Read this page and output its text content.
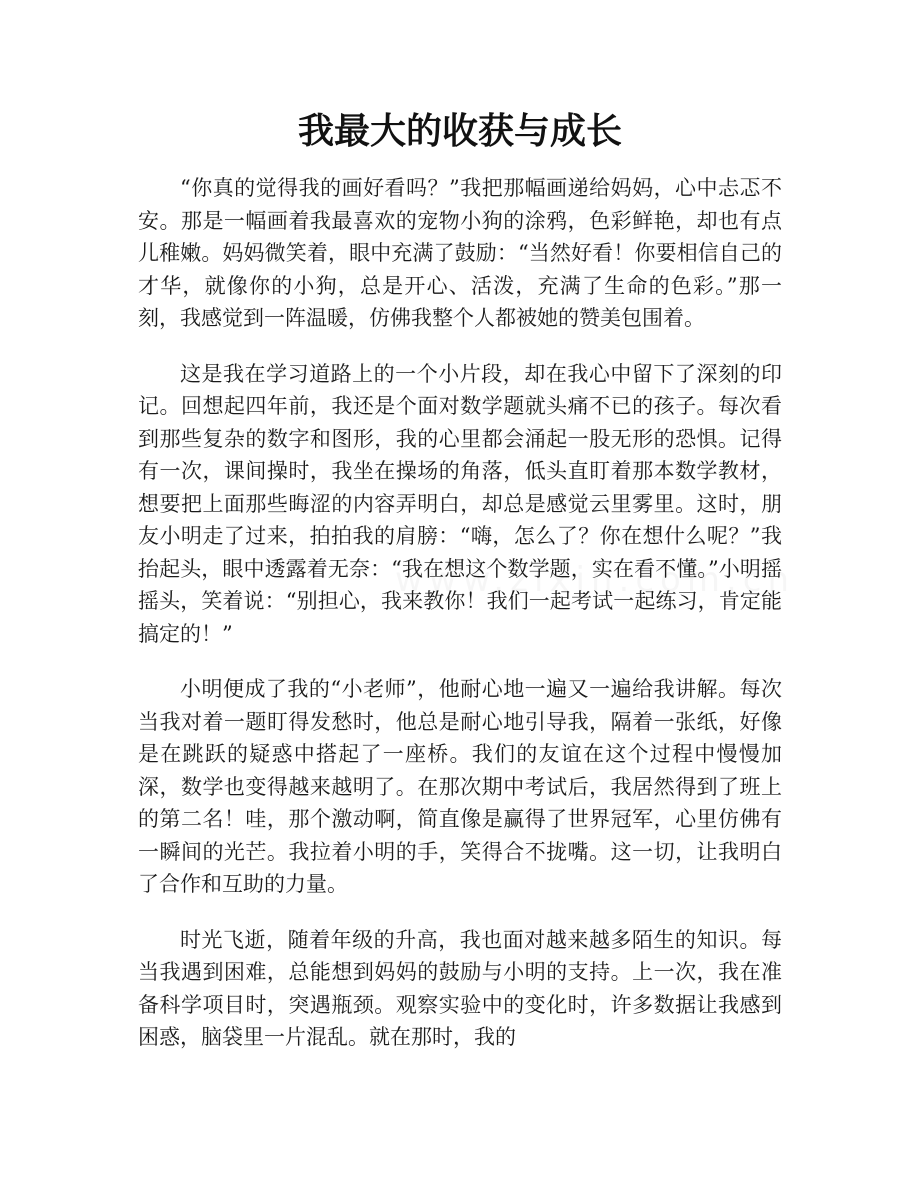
我最大的收获与成长

“你真的觉得我的画好看吗？”我把那幅画递给妈妈，心中忐忑不安。那是一幅画着我最喜欢的宠物小狗的涂鸦，色彩鲜艳，却也有点儿稚嫩。妈妈微笑着，眼中充满了鼓励：“当然好看！你要相信自己的才华，就像你的小狗，总是开心、活泼，充满了生命的色彩。”那一刻，我感觉到一阵温暖，仿佛我整个人都被她的赞美包围着。

这是我在学习道路上的一个小片段，却在我心中留下了深刻的印记。回想起四年前，我还是个面对数学题就头痛不已的孩子。每次看到那些复杂的数字和图形，我的心里都会涌起一股无形的恐惧。记得有一次，课间操时，我坐在操场的角落，低头直盯着那本数学教材，想要把上面那些晦涩的内容弄明白，却总是感觉云里雾里。这时，朋友小明走了过来，拍拍我的肩膀：“嗨，怎么了？你在想什么呢？”我抬起头，眼中透露着无奈：“我在想这个数学题，实在看不懂。”小明摇摇头，笑着说：“别担心，我来教你！我们一起考试一起练习，肯定能搞定的！”

小明便成了我的“小老师”，他耐心地一遍又一遍给我讲解。每次当我对着一题盯得发愁时，他总是耐心地引导我，隔着一张纸，好像是在跳跃的疑惑中搭起了一座桥。我们的友谊在这个过程中慢慢加深，数学也变得越来越明了。在那次期中考试后，我居然得到了班上的第二名！哇，那个激动啊，简直像是赢得了世界冠军，心里仿佛有一瞬间的光芒。我拉着小明的手，笑得合不拢嘴。这一切，让我明白了合作和互助的力量。

时光飞逝，随着年级的升高，我也面对越来越多陌生的知识。每当我遇到困难，总能想到妈妈的鼓励与小明的支持。上一次，我在准备科学项目时，突遇瓶颈。观察实验中的变化时，许多数据让我感到困惑，脑袋里一片混乱。就在那时，我的
